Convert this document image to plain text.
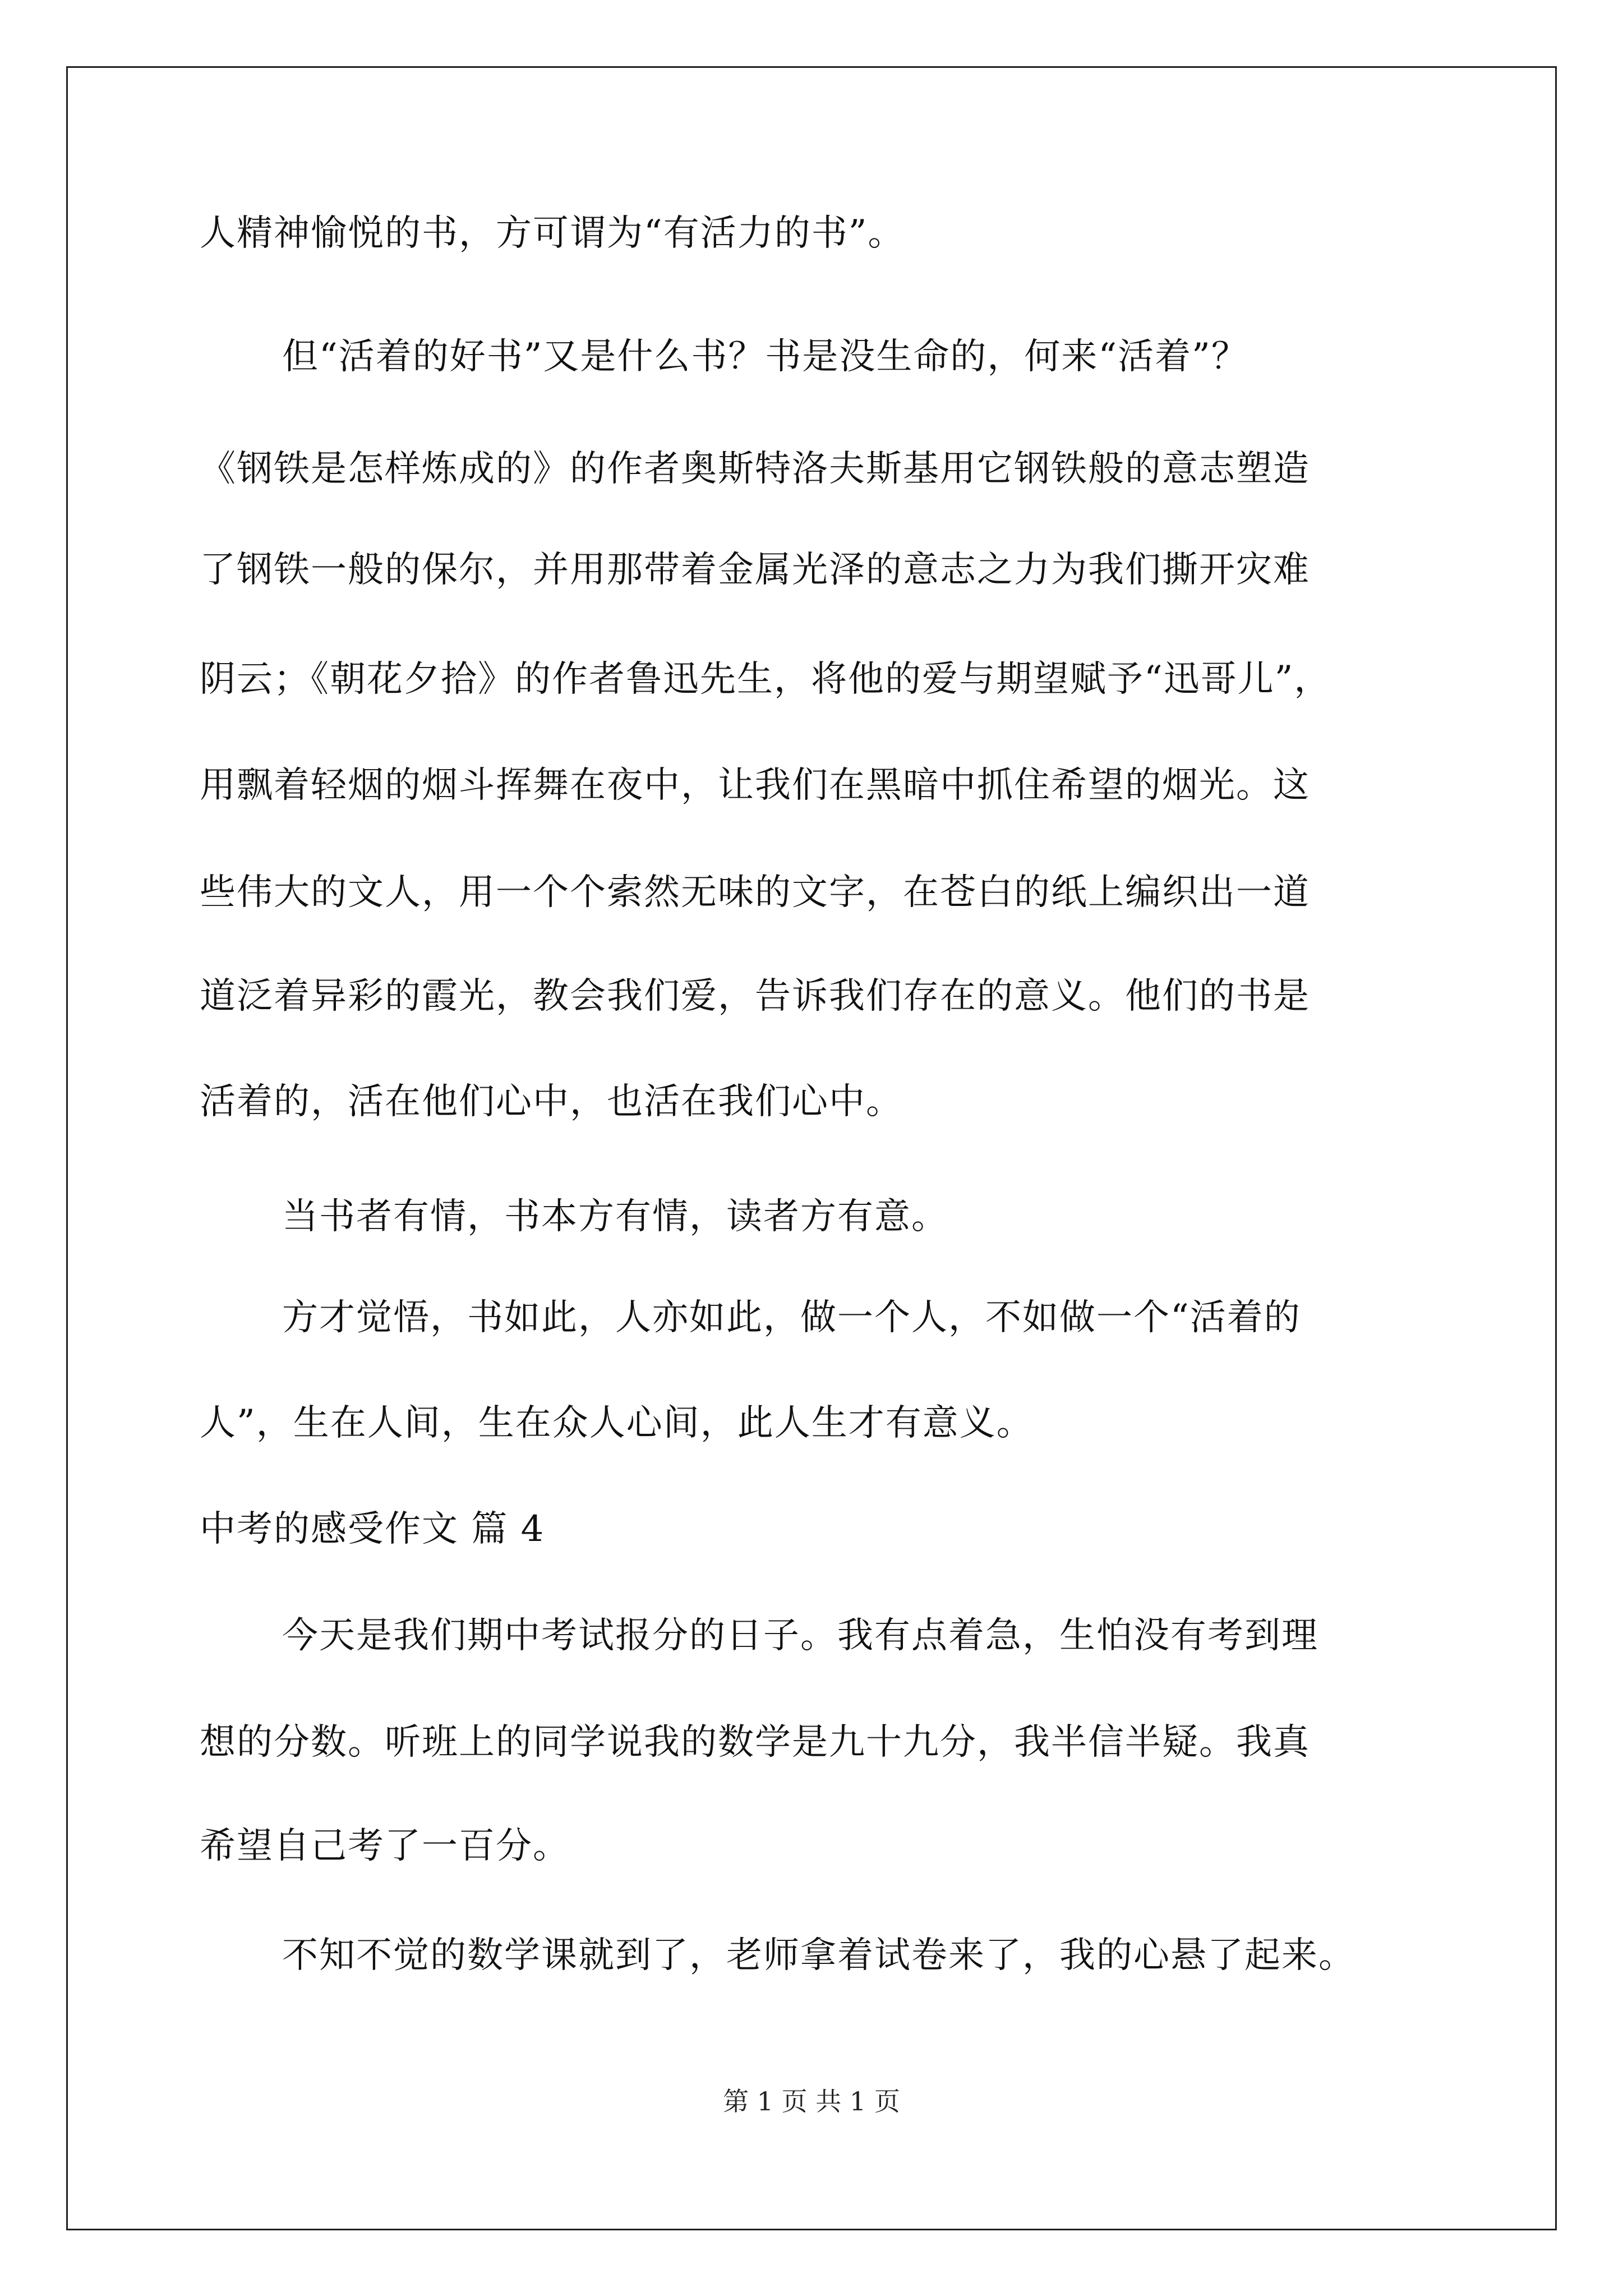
人精神愉悦的书，方可谓为“有活力的书”。
但“活着的好书”又是什么书？书是没生命的，何来“活着”？
《钢铁是怎样炼成的》的作者奥斯特洛夫斯基用它钢铁般的意志塑造
了钢铁一般的保尔，并用那带着金属光泽的意志之力为我们撕开灾难
阴云；《朝花夕拾》的作者鲁迅先生，将他的爱与期望赋予“迅哥儿”，
用飘着轻烟的烟斗挥舞在夜中，让我们在黑暗中抓住希望的烟光。这
些伟大的文人，用一个个索然无味的文字，在苍白的纸上编织出一道
道泛着异彩的霞光，教会我们爱，告诉我们存在的意义。他们的书是
活着的，活在他们心中，也活在我们心中。
当书者有情，书本方有情，读者方有意。
方才觉悟，书如此，人亦如此，做一个人，不如做一个“活着的
人”，生在人间，生在众人心间，此人生才有意义。
中考的感受作文 篇 4
今天是我们期中考试报分的日子。我有点着急，生怕没有考到理
想的分数。听班上的同学说我的数学是九十九分，我半信半疑。我真
希望自己考了一百分。
不知不觉的数学课就到了，老师拿着试卷来了，我的心悬了起来。
第 1 页 共 1 页
